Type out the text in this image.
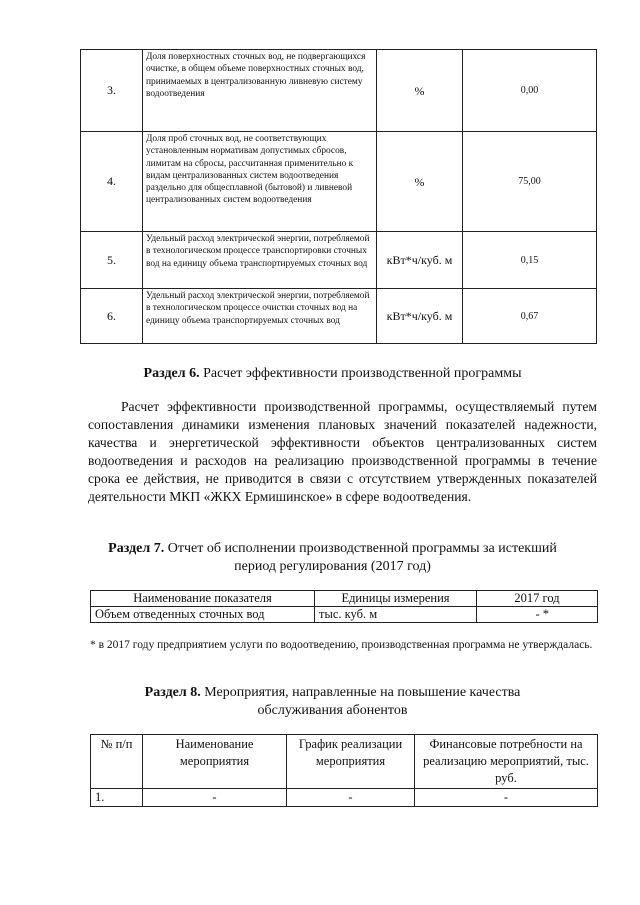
3.	Доля поверхностных сточных вод, не подвергающихся очистке, в общем объеме поверхностных сточных вод, принимаемых в централизованную ливневую систему водоотведения	%	0,00
4.	Доля проб сточных вод, не соответствующих установленным нормативам допустимых сбросов, лимитам на сбросы, рассчитанная применительно к видам централизованных систем водоотведения раздельно для общесплавной (бытовой) и ливневой централизованных систем водоотведения	%	75,00
5.	Удельный расход электрической энергии, потребляемой в технологическом процессе транспортировки сточных вод на единицу объема транспортируемых сточных вод	кВт*ч/куб. м	0,15
6.	Удельный расход электрической энергии, потребляемой в технологическом процессе очистки сточных вод на единицу объема транспортируемых сточных вод	кВт*ч/куб. м	0,67
Раздел 6. Расчет эффективности производственной программы
Расчет эффективности производственной программы, осуществляемый путем сопоставления динамики изменения плановых значений показателей надежности, качества и энергетической эффективности объектов централизованных систем водоотведения и расходов на реализацию производственной программы в течение срока ее действия, не приводится в связи с отсутствием утвержденных показателей деятельности МКП «ЖКХ Ермишинское» в сфере водоотведения.
Раздел 7. Отчет об исполнении производственной программы за истекший
период регулирования (2017 год)
Наименование показателя	Единицы измерения	2017 год
Объем отведенных сточных вод	тыс. куб. м	- *
* в 2017 году предприятием услуги по водоотведению, производственная программа не утверждалась.
Раздел 8. Мероприятия, направленные на повышение качества
обслуживания абонентов
№ п/п	Наименование мероприятия	График реализации мероприятия	Финансовые потребности на реализацию мероприятий, тыс. руб.
1.	-	-	-
